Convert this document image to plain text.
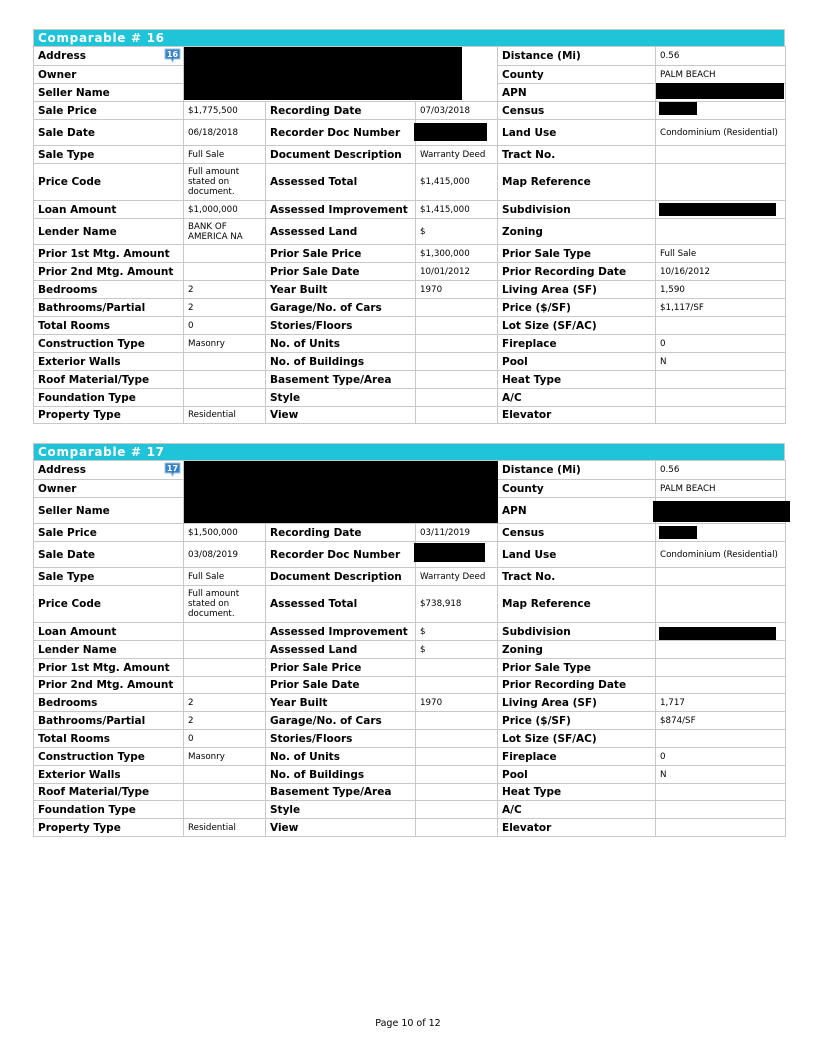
Comparable # 16
Address 16				Distance (Mi)	0.56
Owner				County	PALM BEACH
Seller Name				APN	
Sale Price	$1,775,500	Recording Date	07/03/2018	Census	
Sale Date	06/18/2018	Recorder Doc Number		Land Use	Condominium (Residential)
Sale Type	Full Sale	Document Description	Warranty Deed	Tract No.	
Price Code	Full amount stated on document.	Assessed Total	$1,415,000	Map Reference	
Loan Amount	$1,000,000	Assessed Improvement	$1,415,000	Subdivision	
Lender Name	BANK OF AMERICA NA	Assessed Land	$	Zoning	
Prior 1st Mtg. Amount		Prior Sale Price	$1,300,000	Prior Sale Type	Full Sale
Prior 2nd Mtg. Amount		Prior Sale Date	10/01/2012	Prior Recording Date	10/16/2012
Bedrooms	2	Year Built	1970	Living Area (SF)	1,590
Bathrooms/Partial	2	Garage/No. of Cars		Price ($/SF)	$1,117/SF
Total Rooms	0	Stories/Floors		Lot Size (SF/AC)	
Construction Type	Masonry	No. of Units		Fireplace	0
Exterior Walls		No. of Buildings		Pool	N
Roof Material/Type		Basement Type/Area		Heat Type	
Foundation Type		Style		A/C	
Property Type	Residential	View		Elevator	
Comparable # 17
Address 17				Distance (Mi)	0.56
Owner				County	PALM BEACH
Seller Name				APN	
Sale Price	$1,500,000	Recording Date	03/11/2019	Census	
Sale Date	03/08/2019	Recorder Doc Number		Land Use	Condominium (Residential)
Sale Type	Full Sale	Document Description	Warranty Deed	Tract No.	
Price Code	Full amount stated on document.	Assessed Total	$738,918	Map Reference	
Loan Amount		Assessed Improvement	$	Subdivision	
Lender Name		Assessed Land	$	Zoning	
Prior 1st Mtg. Amount		Prior Sale Price		Prior Sale Type	
Prior 2nd Mtg. Amount		Prior Sale Date		Prior Recording Date	
Bedrooms	2	Year Built	1970	Living Area (SF)	1,717
Bathrooms/Partial	2	Garage/No. of Cars		Price ($/SF)	$874/SF
Total Rooms	0	Stories/Floors		Lot Size (SF/AC)	
Construction Type	Masonry	No. of Units		Fireplace	0
Exterior Walls		No. of Buildings		Pool	N
Roof Material/Type		Basement Type/Area		Heat Type	
Foundation Type		Style		A/C	
Property Type	Residential	View		Elevator	
Page 10 of 12
